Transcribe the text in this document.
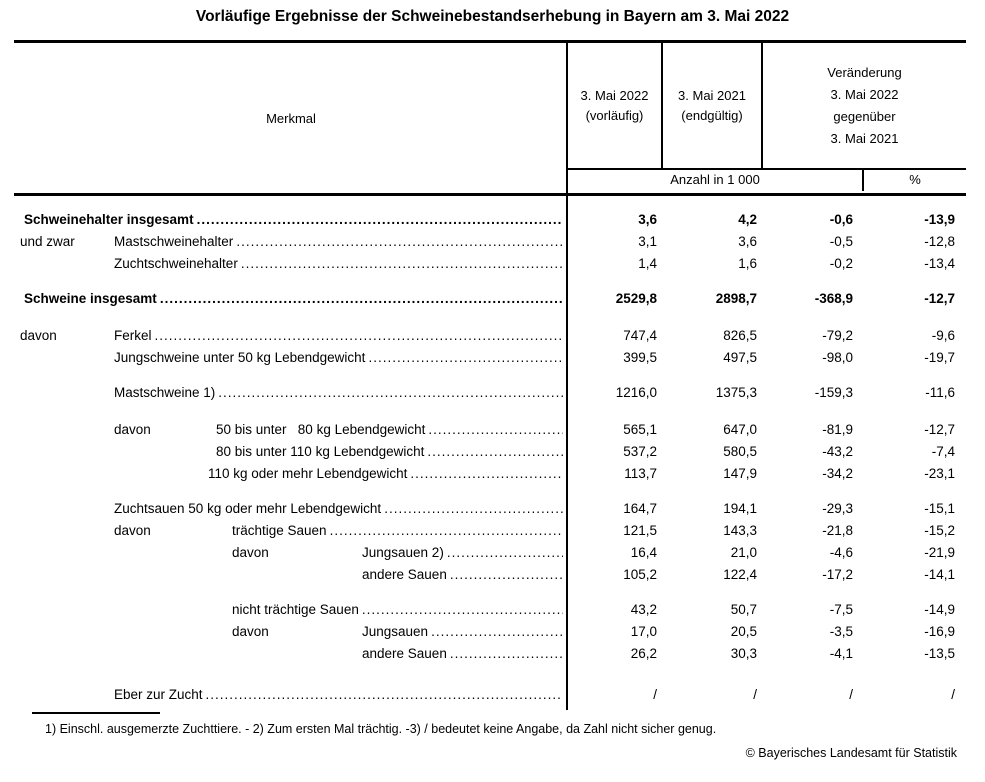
Vorläufige Ergebnisse der Schweinebestandserhebung in Bayern am 3. Mai 2022
Merkmal
3. Mai 2022
(vorläufig)
3. Mai 2021
(endgültig)
Veränderung
3. Mai 2022
gegenüber
3. Mai 2021
Anzahl in 1 000	%
Schweinehalter insgesamt .....	3,6	4,2	-0,6	-13,9
und zwar	Mastschweinehalter .....	3,1	3,6	-0,5	-12,8
Zuchtschweinehalter .....	1,4	1,6	-0,2	-13,4
Schweine insgesamt .....	2529,8	2898,7	-368,9	-12,7
davon	Ferkel .....	747,4	826,5	-79,2	-9,6
Jungschweine unter 50 kg Lebendgewicht .....	399,5	497,5	-98,0	-19,7
Mastschweine 1) .....	1216,0	1375,3	-159,3	-11,6
davon	50 bis unter   80 kg Lebendgewicht .....	565,1	647,0	-81,9	-12,7
80 bis unter 110 kg Lebendgewicht .....	537,2	580,5	-43,2	-7,4
110 kg oder mehr Lebendgewicht .....	113,7	147,9	-34,2	-23,1
Zuchtsauen 50 kg oder mehr Lebendgewicht .....	164,7	194,1	-29,3	-15,1
davon	trächtige Sauen .....	121,5	143,3	-21,8	-15,2
davon	Jungsauen 2) .....	16,4	21,0	-4,6	-21,9
andere Sauen .....	105,2	122,4	-17,2	-14,1
nicht trächtige Sauen .....	43,2	50,7	-7,5	-14,9
davon	Jungsauen .....	17,0	20,5	-3,5	-16,9
andere Sauen .....	26,2	30,3	-4,1	-13,5
Eber zur Zucht .....	/	/	/	/
1) Einschl. ausgemerzte Zuchttiere. - 2) Zum ersten Mal trächtig. -3) / bedeutet keine Angabe, da Zahl nicht sicher genug.
© Bayerisches Landesamt für Statistik
